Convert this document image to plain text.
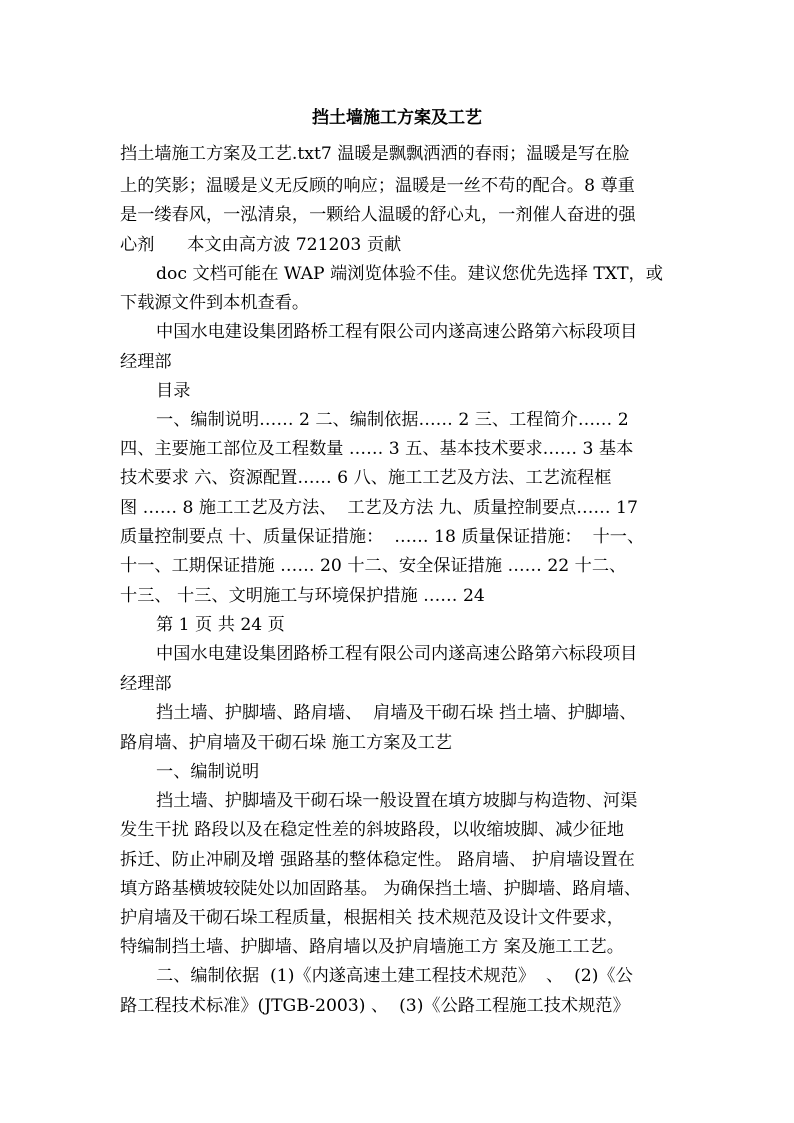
挡土墙施工方案及工艺
挡土墙施工方案及工艺.txt7 温暖是飘飘洒洒的春雨；温暖是写在脸
上的笑影；温暖是义无反顾的响应；温暖是一丝不苟的配合。8 尊重
是一缕春风，一泓清泉，一颗给人温暖的舒心丸，一剂催人奋进的强
心剂      本文由高方波 721203 贡献
doc 文档可能在 WAP 端浏览体验不佳。建议您优先选择 TXT，或
下载源文件到本机查看。
中国水电建设集团路桥工程有限公司内遂高速公路第六标段项目
经理部
目录
一、编制说明…… 2 二、编制依据…… 2 三、工程简介…… 2
四、主要施工部位及工程数量 …… 3 五、基本技术要求…… 3 基本
技术要求 六、资源配置…… 6 八、施工工艺及方法、工艺流程框
图 …… 8 施工工艺及方法、  工艺及方法 九、质量控制要点…… 17
质量控制要点 十、质量保证措施：  …… 18 质量保证措施：  十一、
十一、工期保证措施 …… 20 十二、安全保证措施 …… 22 十二、
十三、 十三、文明施工与环境保护措施 …… 24
第 1 页 共 24 页
中国水电建设集团路桥工程有限公司内遂高速公路第六标段项目
经理部
挡土墙、护脚墙、路肩墙、  肩墙及干砌石垛 挡土墙、护脚墙、
路肩墙、护肩墙及干砌石垛 施工方案及工艺
一、编制说明
挡土墙、护脚墙及干砌石垛一般设置在填方坡脚与构造物、河渠
发生干扰 路段以及在稳定性差的斜坡路段，以收缩坡脚、减少征地
拆迁、防止冲刷及增 强路基的整体稳定性。 路肩墙、 护肩墙设置在
填方路基横坡较陡处以加固路基。 为确保挡土墙、护脚墙、路肩墙、
护肩墙及干砌石垛工程质量，根据相关 技术规范及设计文件要求，
特编制挡土墙、护脚墙、路肩墙以及护肩墙施工方 案及施工工艺。
二、编制依据  (1)《内遂高速土建工程技术规范》  、  (2)《公
路工程技术标准》(JTGB-2003) 、  (3)《公路工程施工技术规范》
